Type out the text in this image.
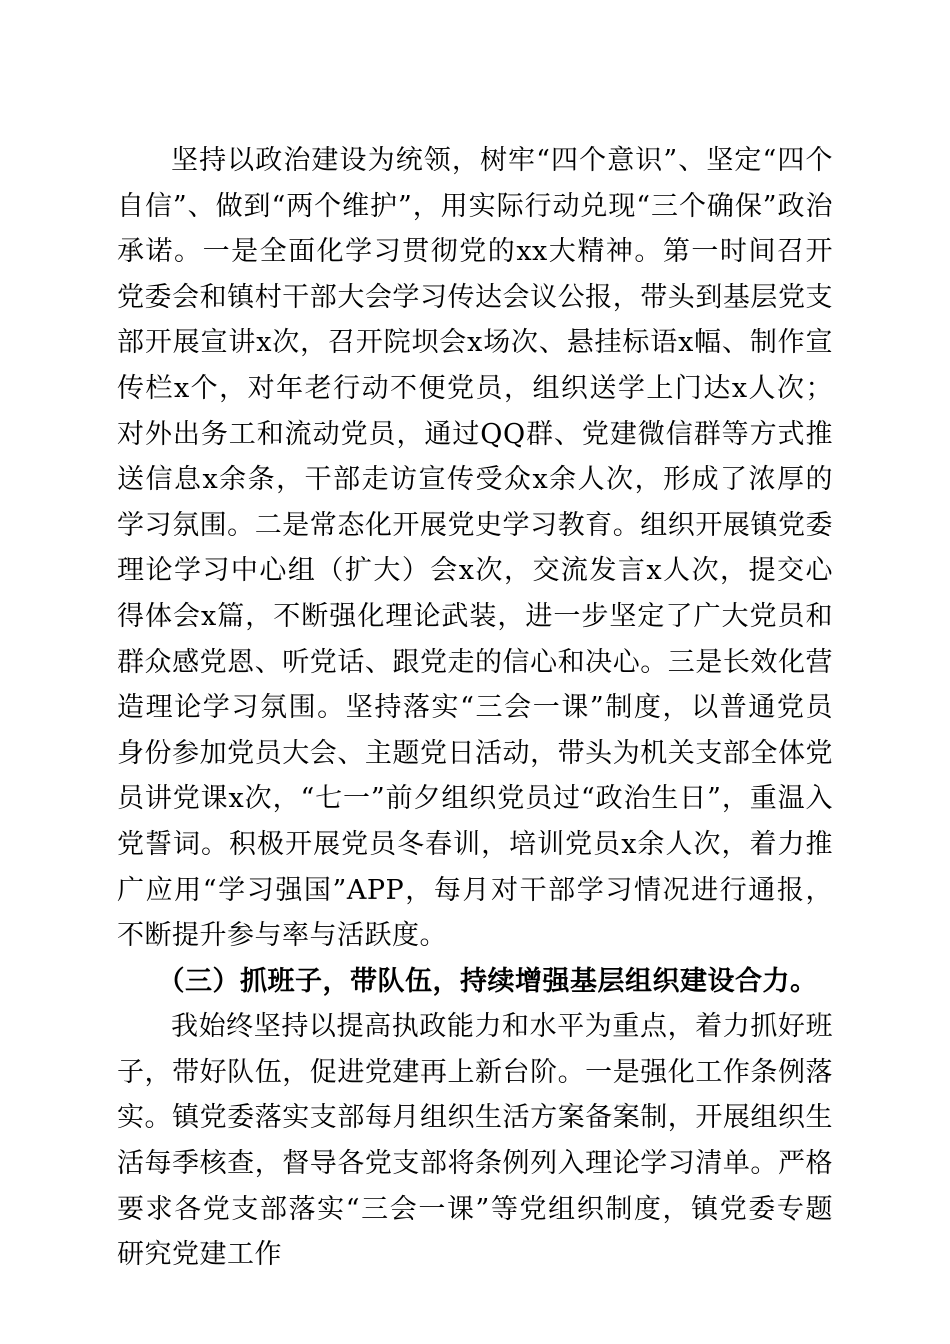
坚持以政治建设为统领，树牢“四个意识”、坚定“四个自信”、做到“两个维护”，用实际行动兑现“三个确保”政治承诺。一是全面化学习贯彻党的xx大精神。第一时间召开党委会和镇村干部大会学习传达会议公报，带头到基层党支部开展宣讲x次，召开院坝会x场次、悬挂标语x幅、制作宣传栏x个，对年老行动不便党员，组织送学上门达x人次；对外出务工和流动党员，通过QQ群、党建微信群等方式推送信息x余条，干部走访宣传受众x余人次，形成了浓厚的学习氛围。二是常态化开展党史学习教育。组织开展镇党委理论学习中心组（扩大）会x次，交流发言x人次，提交心得体会x篇，不断强化理论武装，进一步坚定了广大党员和群众感党恩、听党话、跟党走的信心和决心。三是长效化营造理论学习氛围。坚持落实“三会一课”制度，以普通党员身份参加党员大会、主题党日活动，带头为机关支部全体党员讲党课x次，“七一”前夕组织党员过“政治生日”，重温入党誓词。积极开展党员冬春训，培训党员x余人次，着力推广应用“学习强国”APP，每月对干部学习情况进行通报，不断提升参与率与活跃度。

（三）抓班子，带队伍，持续增强基层组织建设合力。

我始终坚持以提高执政能力和水平为重点，着力抓好班子，带好队伍，促进党建再上新台阶。一是强化工作条例落实。镇党委落实支部每月组织生活方案备案制，开展组织生活每季核查，督导各党支部将条例列入理论学习清单。严格要求各党支部落实“三会一课”等党组织制度，镇党委专题研究党建工作
